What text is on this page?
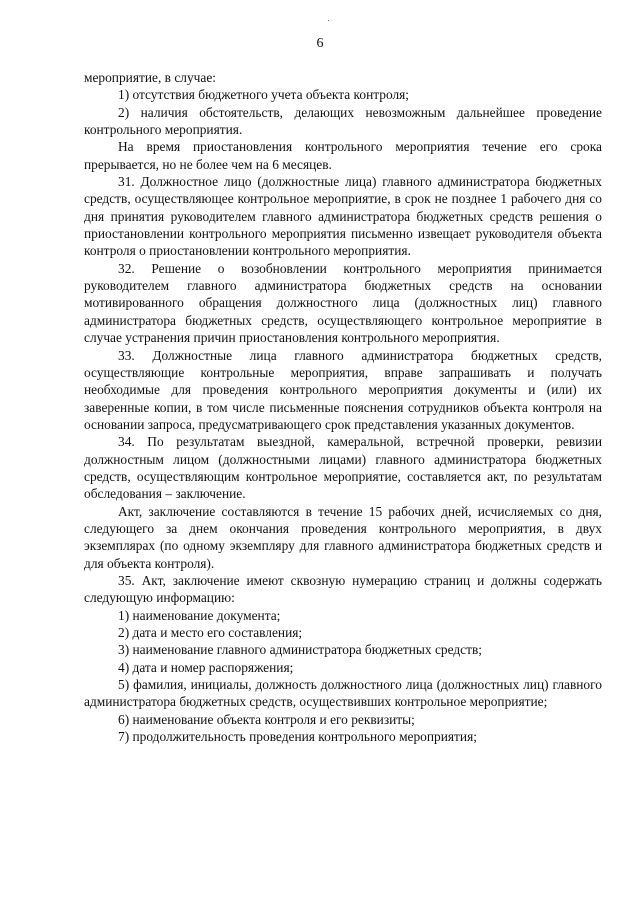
6

мероприятие, в случае:

1) отсутствия бюджетного учета объекта контроля;

2) наличия обстоятельств, делающих невозможным дальнейшее проведение контрольного мероприятия.

На время приостановления контрольного мероприятия течение его срока прерывается, но не более чем на 6 месяцев.

31. Должностное лицо (должностные лица) главного администратора бюджетных средств, осуществляющее контрольное мероприятие, в срок не позднее 1 рабочего дня со дня принятия руководителем главного администратора бюджетных средств решения о приостановлении контрольного мероприятия письменно извещает руководителя объекта контроля о приостановлении контрольного мероприятия.

32. Решение о возобновлении контрольного мероприятия принимается руководителем главного администратора бюджетных средств на основании мотивированного обращения должностного лица (должностных лиц) главного администратора бюджетных средств, осуществляющего контрольное мероприятие в случае устранения причин приостановления контрольного мероприятия.

33. Должностные лица главного администратора бюджетных средств, осуществляющие контрольные мероприятия, вправе запрашивать и получать необходимые для проведения контрольного мероприятия документы и (или) их заверенные копии, в том числе письменные пояснения сотрудников объекта контроля на основании запроса, предусматривающего срок представления указанных документов.

34. По результатам выездной, камеральной, встречной проверки, ревизии должностным лицом (должностными лицами) главного администратора бюджетных средств, осуществляющим контрольное мероприятие, составляется акт, по результатам обследования – заключение.

Акт, заключение составляются в течение 15 рабочих дней, исчисляемых со дня, следующего за днем окончания проведения контрольного мероприятия, в двух экземплярах (по одному экземпляру для главного администратора бюджетных средств и для объекта контроля).

35. Акт, заключение имеют сквозную нумерацию страниц и должны содержать следующую информацию:

1) наименование документа;

2) дата и место его составления;

3) наименование главного администратора бюджетных средств;

4) дата и номер распоряжения;

5) фамилия, инициалы, должность должностного лица (должностных лиц) главного администратора бюджетных средств, осуществивших контрольное мероприятие;

6) наименование объекта контроля и его реквизиты;

7) продолжительность проведения контрольного мероприятия;
